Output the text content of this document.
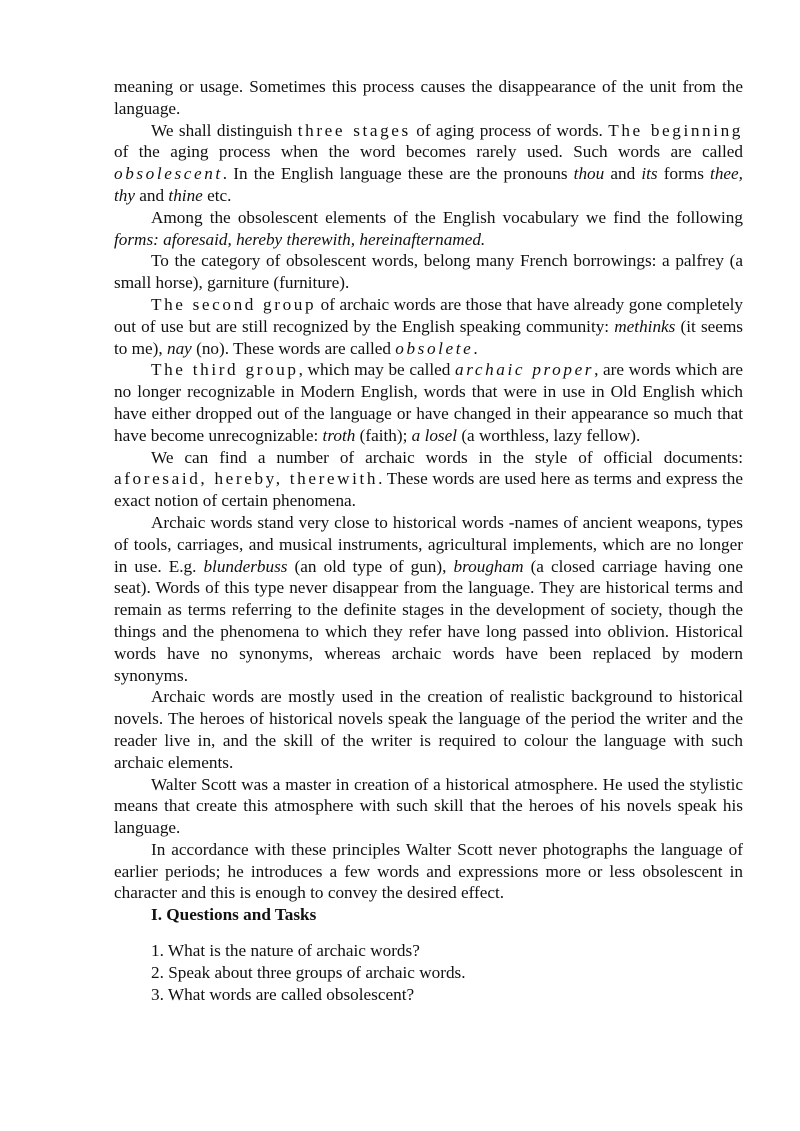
meaning or usage. Sometimes this process causes the disappearance of the unit from the language.

We shall distinguish three stages of aging process of words. The beginning of the aging process when the word becomes rarely used. Such words are called obsolescent. In the English language these are the pronouns thou and its forms thee, thy and thine etc.

Among the obsolescent elements of the English vocabulary we find the following forms: aforesaid, hereby therewith, hereinafternamed.

To the category of obsolescent words, belong many French borrowings: a palfrey (a small horse), garniture (furniture).

The second group of archaic words are those that have already gone completely out of use but are still recognized by the English speaking community: methinks (it seems to me), nay (no). These words are called obsolete.

The third group, which may be called archaic proper, are words which are no longer recognizable in Modern English, words that were in use in Old English which have either dropped out of the language or have changed in their appearance so much that have become unrecognizable: troth (faith); a losel (a worthless, lazy fellow).

We can find a number of archaic words in the style of official documents: aforesaid, hereby, therewith. These words are used here as terms and express the exact notion of certain phenomena.

Archaic words stand very close to historical words -names of ancient weapons, types of tools, carriages, and musical instruments, agricultural implements, which are no longer in use. E.g. blunderbuss (an old type of gun), brougham (a closed carriage having one seat). Words of this type never disappear from the language. They are historical terms and remain as terms referring to the definite stages in the development of society, though the things and the phenomena to which they refer have long passed into oblivion. Historical words have no synonyms, whereas archaic words have been replaced by modern synonyms.

Archaic words are mostly used in the creation of realistic background to historical novels. The heroes of historical novels speak the language of the period the writer and the reader live in, and the skill of the writer is required to colour the language with such archaic elements.

Walter Scott was a master in creation of a historical atmosphere. He used the stylistic means that create this atmosphere with such skill that the heroes of his novels speak his language.

In accordance with these principles Walter Scott never photographs the language of earlier periods; he introduces a few words and expressions more or less obsolescent in character and this is enough to convey the desired effect.

I. Questions and Tasks
1. What is the nature of archaic words?
2. Speak about three groups of archaic words.
3. What words are called obsolescent?
